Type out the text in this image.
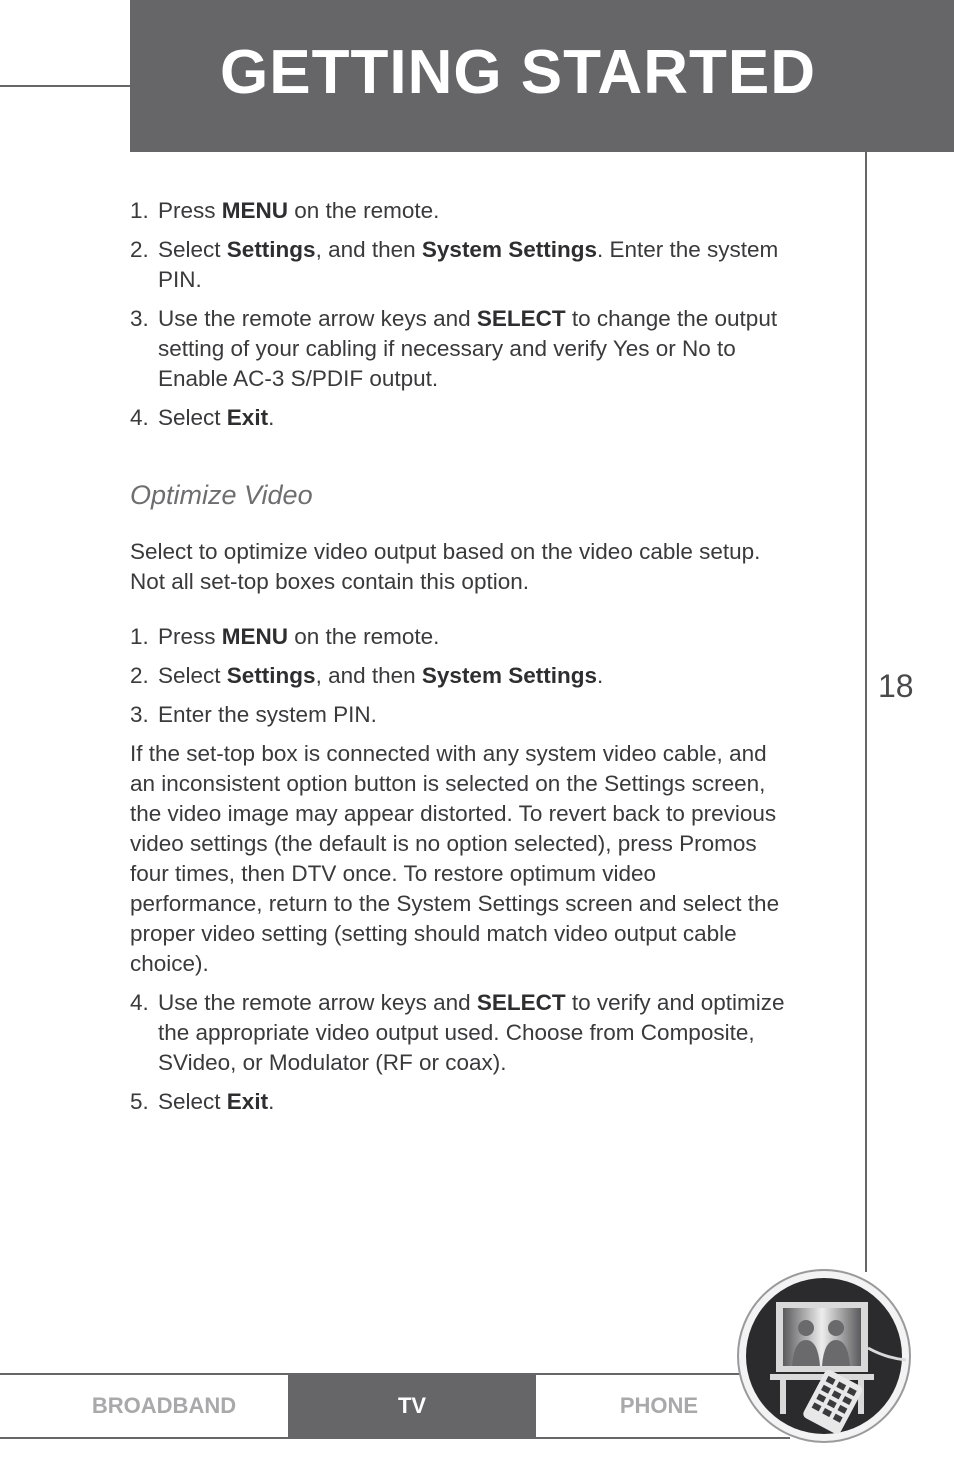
GETTING STARTED
18
1. Press MENU on the remote.
2. Select Settings, and then System Settings. Enter the system PIN.
3. Use the remote arrow keys and SELECT to change the output setting of your cabling if necessary and verify Yes or No to Enable AC-3 S/PDIF output.
4. Select Exit.
Optimize Video
Select to optimize video output based on the video cable setup. Not all set-top boxes contain this option.
1. Press MENU on the remote.
2. Select Settings, and then System Settings.
3. Enter the system PIN.
If the set-top box is connected with any system video cable, and an inconsistent option button is selected on the Settings screen, the video image may appear distorted. To revert back to previous video settings (the default is no option selected), press Promos four times, then DTV once. To restore optimum video performance, return to the System Settings screen and select the proper video setting (setting should match video output cable choice).
4. Use the remote arrow keys and SELECT to verify and optimize the appropriate video output used. Choose from Composite, SVideo, or Modulator (RF or coax).
5. Select Exit.
BROADBAND	TV	PHONE
